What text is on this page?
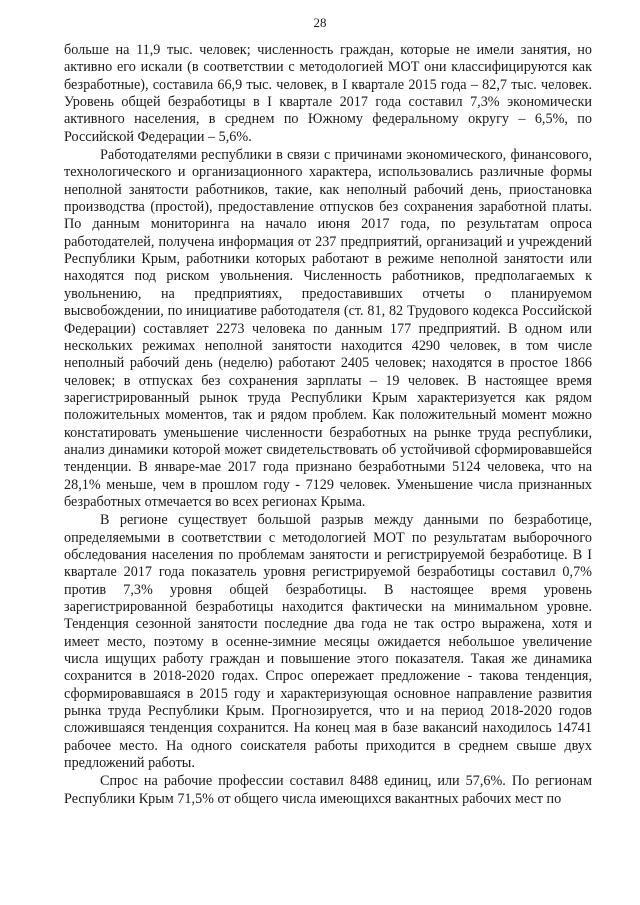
28

больше на 11,9 тыс. человек; численность граждан, которые не имели занятия, но активно его искали (в соответствии с методологией МОТ они классифицируются как безработные), составила 66,9 тыс. человек, в I квартале 2015 года – 82,7 тыс. человек. Уровень общей безработицы в I квартале 2017 года составил 7,3% экономически активного населения, в среднем по Южному федеральному округу – 6,5%, по Российской Федерации – 5,6%.

Работодателями республики в связи с причинами экономического, финансового, технологического и организационного характера, использовались различные формы неполной занятости работников, такие, как неполный рабочий день, приостановка производства (простой), предоставление отпусков без сохранения заработной платы. По данным мониторинга на начало июня 2017 года, по результатам опроса работодателей, получена информация от 237 предприятий, организаций и учреждений Республики Крым, работники которых работают в режиме неполной занятости или находятся под риском увольнения. Численность работников, предполагаемых к увольнению, на предприятиях, предоставивших отчеты о планируемом высвобождении, по инициативе работодателя (ст. 81, 82 Трудового кодекса Российской Федерации) составляет 2273 человека по данным 177 предприятий. В одном или нескольких режимах неполной занятости находится 4290 человек, в том числе неполный рабочий день (неделю) работают 2405 человек; находятся в простое 1866 человек; в отпусках без сохранения зарплаты – 19 человек. В настоящее время зарегистрированный рынок труда Республики Крым характеризуется как рядом положительных моментов, так и рядом проблем. Как положительный момент можно констатировать уменьшение численности безработных на рынке труда республики, анализ динамики которой может свидетельствовать об устойчивой сформировавшейся тенденции. В январе-мае 2017 года признано безработными 5124 человека, что на 28,1% меньше, чем в прошлом году - 7129 человек. Уменьшение числа признанных безработных отмечается во всех регионах Крыма.

В регионе существует большой разрыв между данными по безработице, определяемыми в соответствии с методологией МОТ по результатам выборочного обследования населения по проблемам занятости и регистрируемой безработице. В I квартале 2017 года показатель уровня регистрируемой безработицы составил 0,7% против 7,3% уровня общей безработицы. В настоящее время уровень зарегистрированной безработицы находится фактически на минимальном уровне. Тенденция сезонной занятости последние два года не так остро выражена, хотя и имеет место, поэтому в осенне-зимние месяцы ожидается небольшое увеличение числа ищущих работу граждан и повышение этого показателя. Такая же динамика сохранится в 2018-2020 годах. Спрос опережает предложение - такова тенденция, сформировавшаяся в 2015 году и характеризующая основное направление развития рынка труда Республики Крым. Прогнозируется, что и на период 2018-2020 годов сложившаяся тенденция сохранится. На конец мая в базе вакансий находилось 14741 рабочее место. На одного соискателя работы приходится в среднем свыше двух предложений работы.

Спрос на рабочие профессии составил 8488 единиц, или 57,6%. По регионам Республики Крым 71,5% от общего числа имеющихся вакантных рабочих мест по
